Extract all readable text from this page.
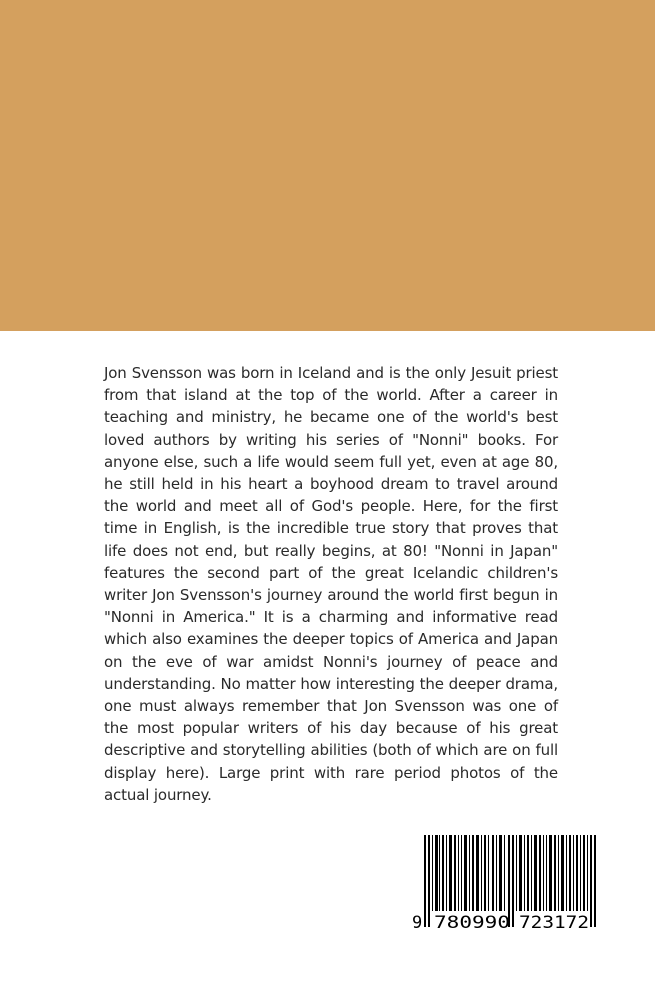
Jon Svensson was born in Iceland and is the only Jesuit priest from that island at the top of the world. After a career in teaching and ministry, he became one of the world's best loved authors by writing his series of "Nonni" books. For anyone else, such a life would seem full yet, even at age 80, he still held in his heart a boyhood dream to travel around the world and meet all of God's people. Here, for the first time in English, is the incredible true story that proves that life does not end, but really begins, at 80! "Nonni in Japan" features the second part of the great Icelandic children's writer Jon Svensson's journey around the world first begun in "Nonni in America." It is a charming and informative read which also examines the deeper topics of America and Japan on the eve of war amidst Nonni's journey of peace and understanding. No matter how interesting the deeper drama, one must always remember that Jon Svensson was one of the most popular writers of his day because of his great descriptive and storytelling abilities (both of which are on full display here). Large print with rare period photos of the actual journey.

9 780990 723172
